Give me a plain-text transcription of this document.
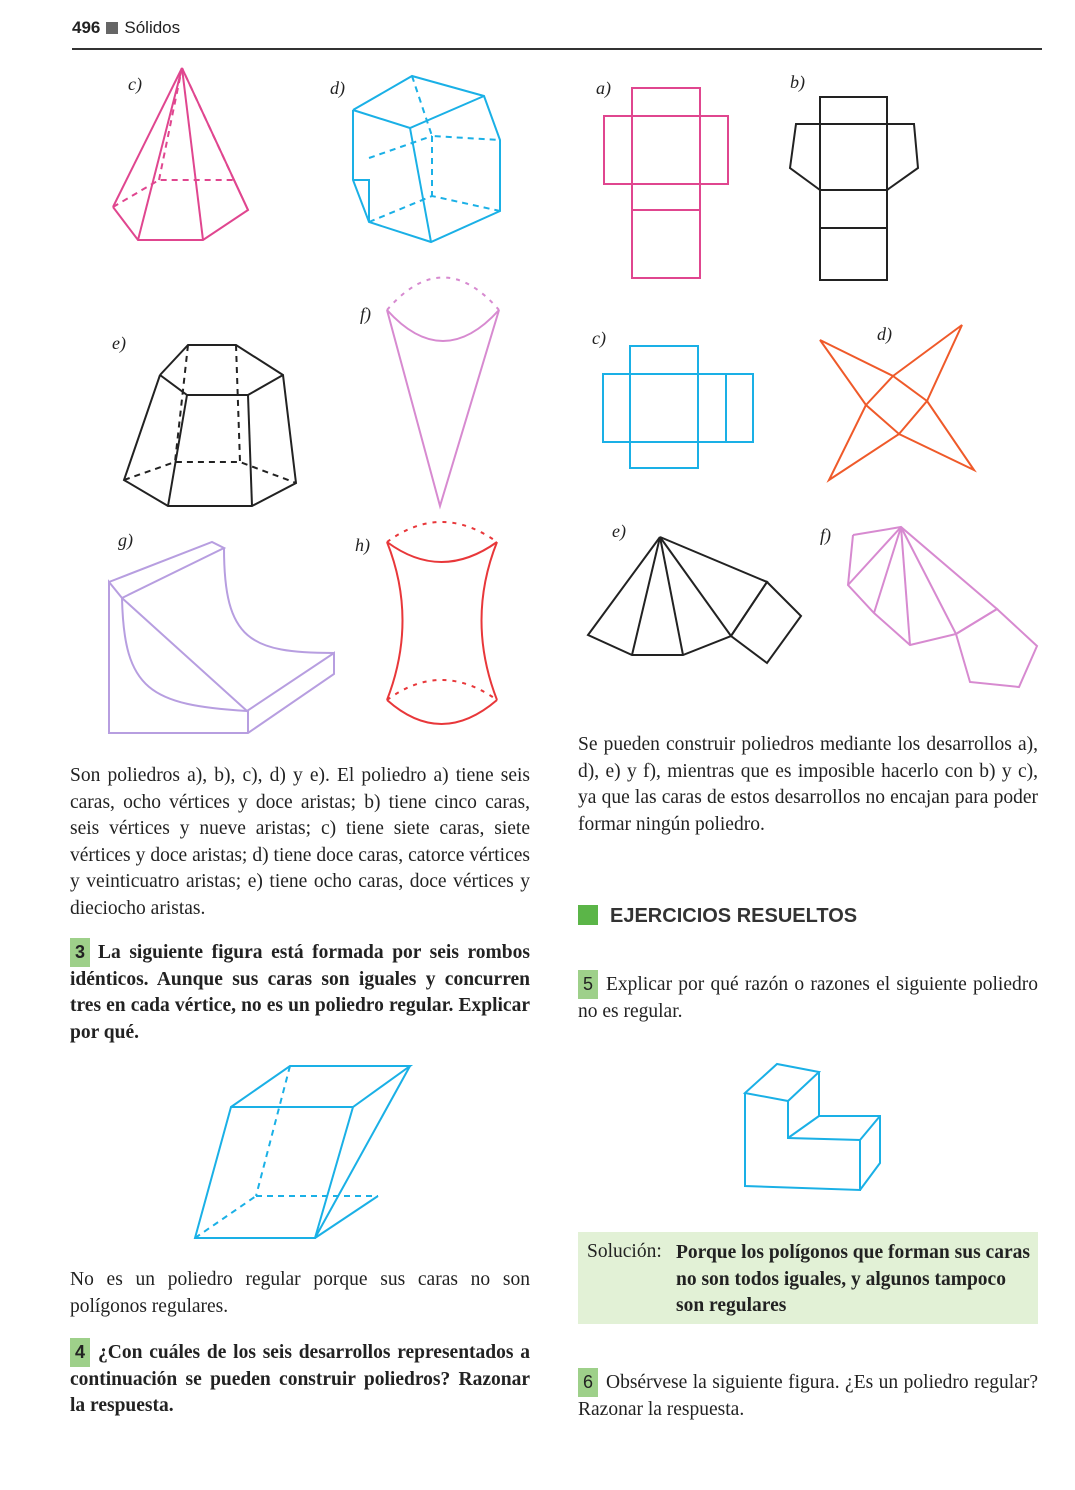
496 Sólidos
c)	d)
e)
f)
g)	h)
a)	b)
c)	d)
e)	f)
Son poliedros a), b), c), d) y e). El poliedro a) tiene seis caras, ocho vértices y doce aristas; b) tiene cinco caras, seis vértices y nueve aristas; c) tiene siete caras, siete vértices y doce aristas; d) tiene doce caras, catorce vértices y veinticuatro aristas; e) tiene ocho caras, doce vértices y dieciocho aristas.
3 La siguiente figura está formada por seis rombos idénticos. Aunque sus caras son iguales y concurren tres en cada vértice, no es un poliedro regular. Explicar por qué.
No es un poliedro regular porque sus caras no son polígonos regulares.
4 ¿Con cuáles de los seis desarrollos representados a continuación se pueden construir poliedros? Razonar la respuesta.
Se pueden construir poliedros mediante los desarrollos a), d), e) y f), mientras que es imposible hacerlo con b) y c), ya que las caras de estos desarrollos no encajan para poder formar ningún poliedro.
EJERCICIOS RESUELTOS
5 Explicar por qué razón o razones el siguiente poliedro no es regular.
Solución: Porque los polígonos que forman sus caras no son todos iguales, y algunos tampoco son regulares
6 Obsérvese la siguiente figura. ¿Es un poliedro regular? Razonar la respuesta.
